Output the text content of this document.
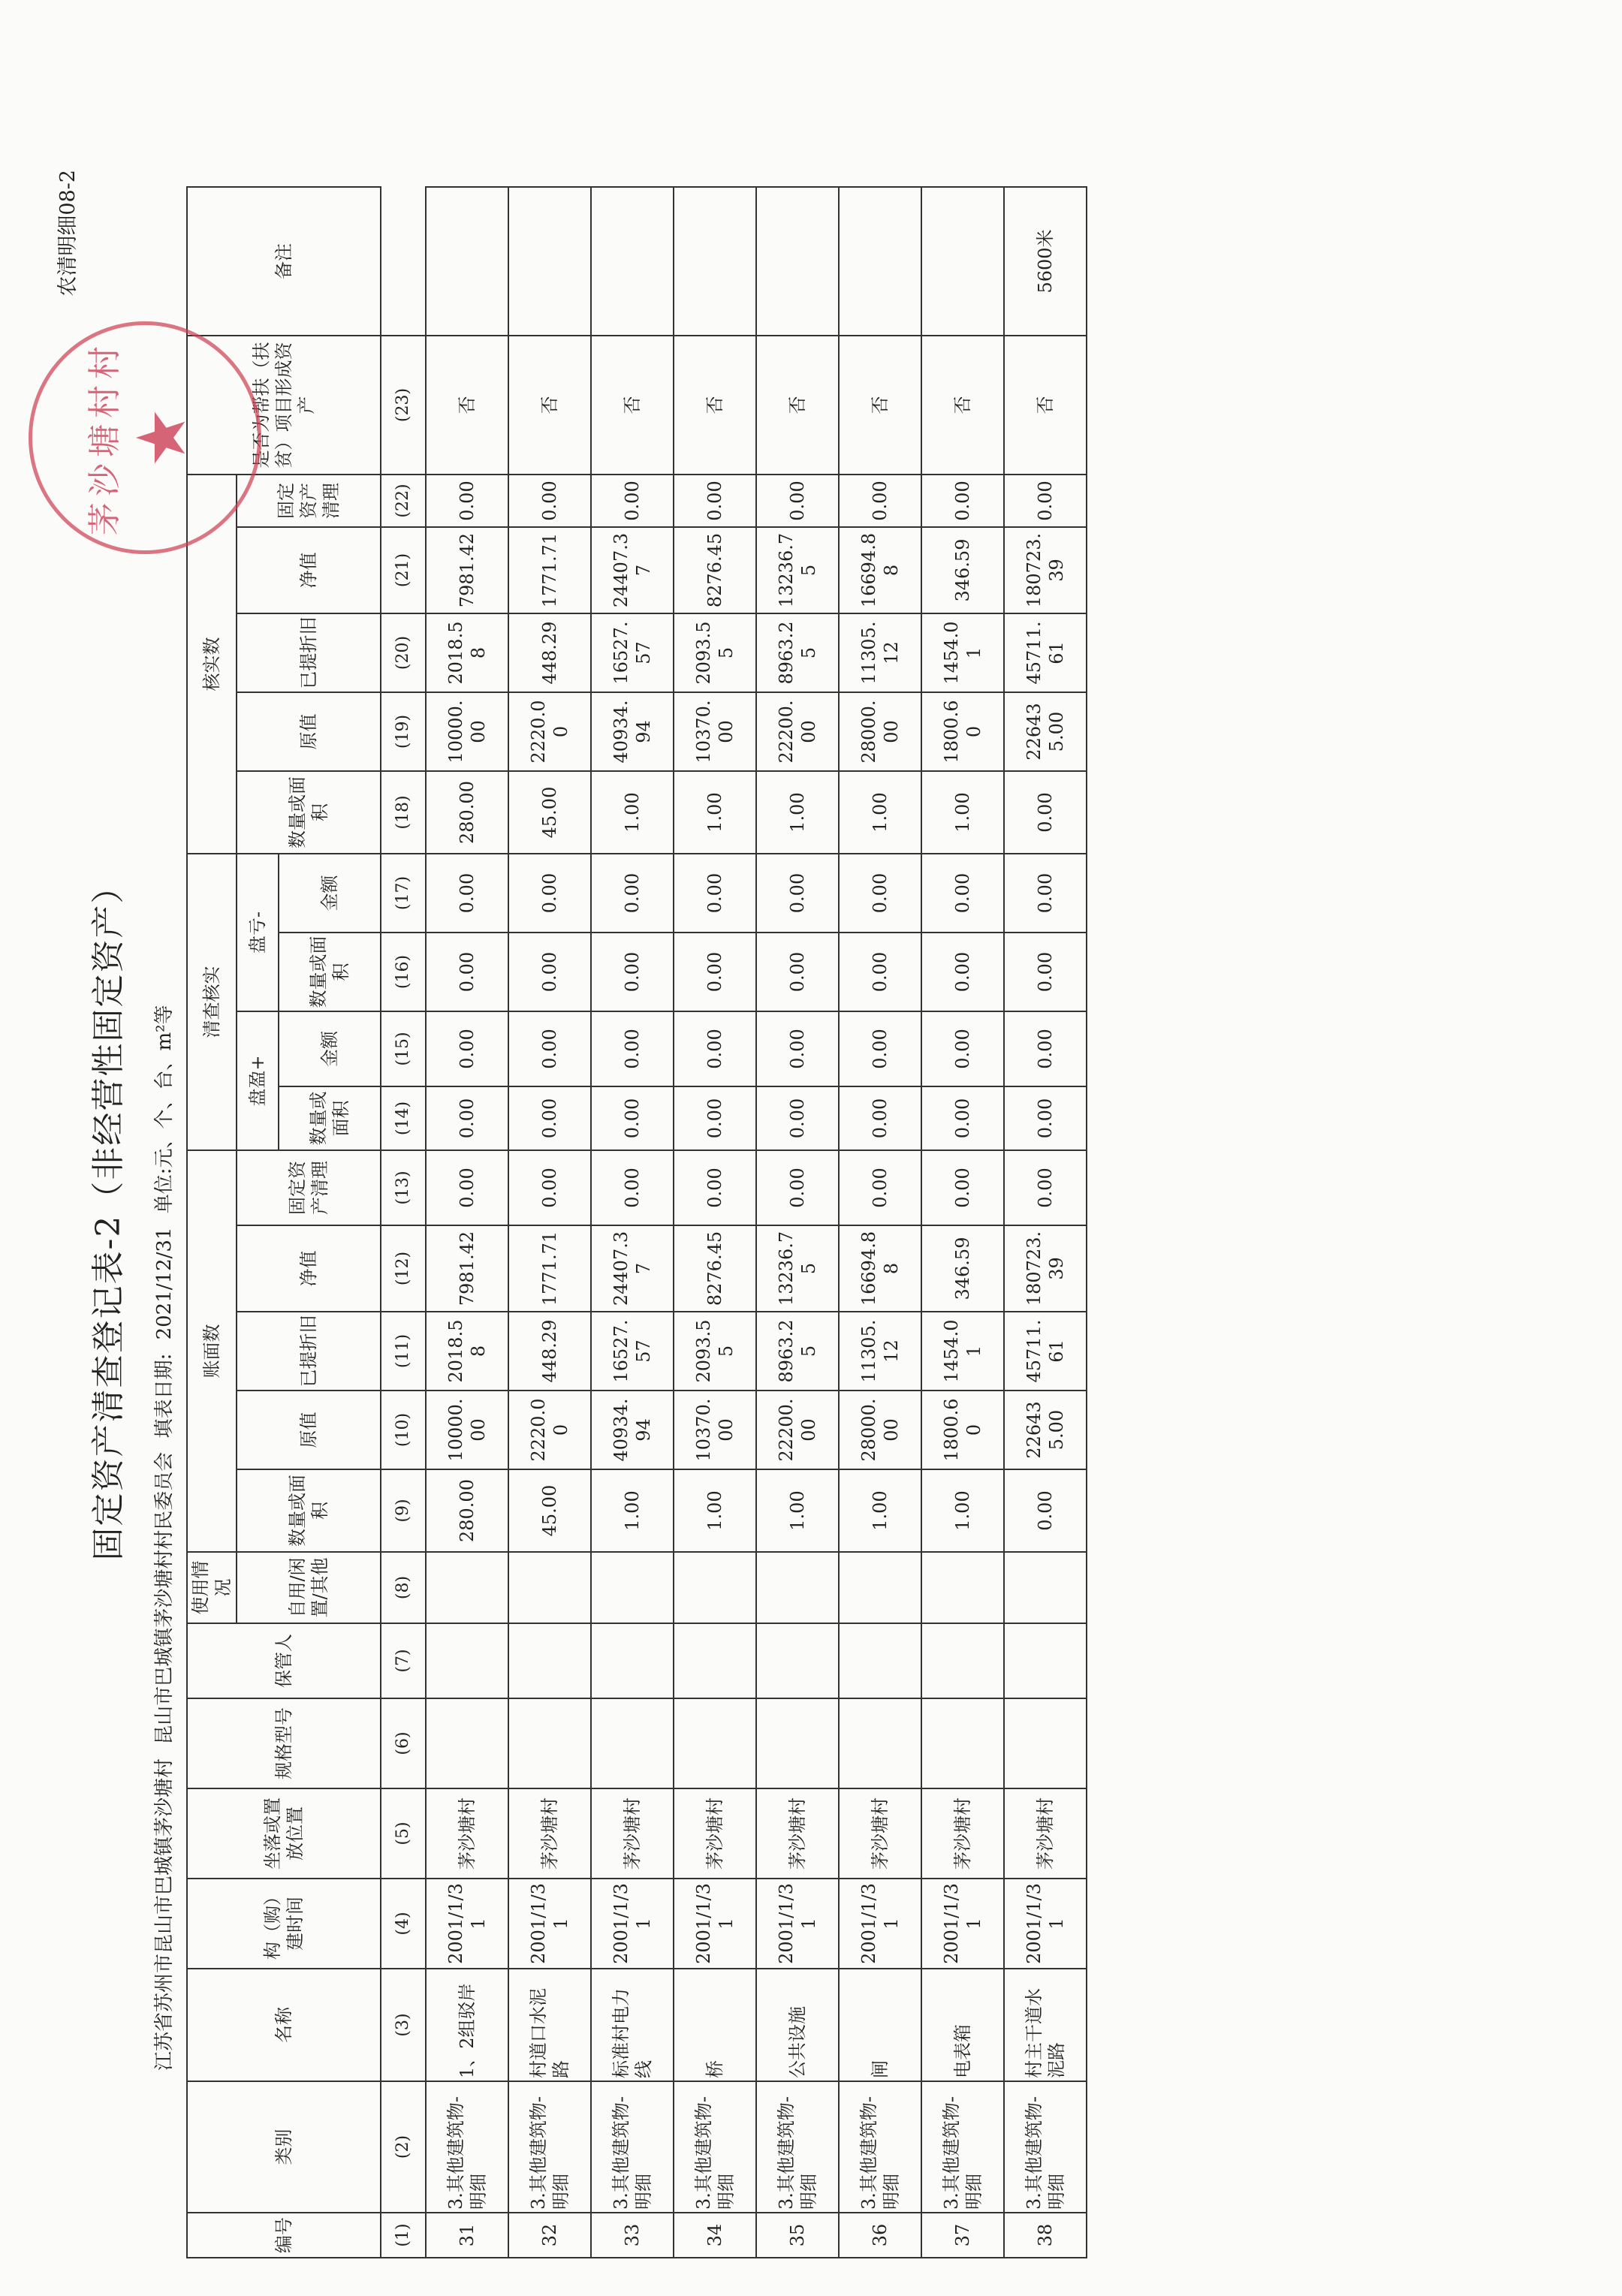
农清明细08-2
固定资产清查登记表-2（非经营性固定资产）
江苏省苏州市昆山市巴城镇茅沙塘村 昆山市巴城镇茅沙塘村村民委员会 填表日期: 2021/12/31 单位:元、个、台、m²等
编号	类别	名称	构（购）建时间	坐落或置放位置	规格型号	保管人	使用情况	账面数					清查核实				核实数					是否为帮扶（扶贫）项目形成资产	备注
							自用/闲置/其他	数量或面积	原值	已提折旧	净值	固定资产清理	盘盈+		盘亏-		数量或面积	原值	已提折旧	净值	固定资产清理		
													数量或面积	金额	数量或面积	金额							
(1)	(2)	(3)	(4)	(5)	(6)	(7)	(8)	(9)	(10)	(11)	(12)	(13)	(14)	(15)	(16)	(17)	(18)	(19)	(20)	(21)	(22)	(23)	
31	3.其他建筑物-明细	1、2组驳岸	2001/1/3 1	茅沙塘村				280.00	10000.00	2018.58	7981.42	0.00	0.00	0.00	0.00	0.00	280.00	10000.00	2018.58	7981.42	0.00	否	
32	3.其他建筑物-明细	村道口水泥路	2001/1/3 1	茅沙塘村				45.00	2220.00	448.29	1771.71	0.00	0.00	0.00	0.00	0.00	45.00	2220.00	448.29	1771.71	0.00	否	
33	3.其他建筑物-明细	标准村电力线	2001/1/3 1	茅沙塘村				1.00	40934.94	16527.57	24407.37	0.00	0.00	0.00	0.00	0.00	1.00	40934.94	16527.57	24407.37	0.00	否	
34	3.其他建筑物-明细	桥	2001/1/3 1	茅沙塘村				1.00	10370.00	2093.55	8276.45	0.00	0.00	0.00	0.00	0.00	1.00	10370.00	2093.55	8276.45	0.00	否	
35	3.其他建筑物-明细	公共设施	2001/1/3 1	茅沙塘村				1.00	22200.00	8963.25	13236.75	0.00	0.00	0.00	0.00	0.00	1.00	22200.00	8963.25	13236.75	0.00	否	
36	3.其他建筑物-明细	闸	2001/1/3 1	茅沙塘村				1.00	28000.00	11305.12	16694.88	0.00	0.00	0.00	0.00	0.00	1.00	28000.00	11305.12	16694.88	0.00	否	
37	3.其他建筑物-明细	电表箱	2001/1/3 1	茅沙塘村				1.00	1800.60	1454.01	346.59	0.00	0.00	0.00	0.00	0.00	1.00	1800.60	1454.01	346.59	0.00	否	
38	3.其他建筑物-明细	村主干道水泥路	2001/1/3 1	茅沙塘村				0.00	226435.00	45711.61	180723.39	0.00	0.00	0.00	0.00	0.00	0.00	226435.00	45711.61	180723.39	0.00	否	5600米
茅沙塘村村
★
